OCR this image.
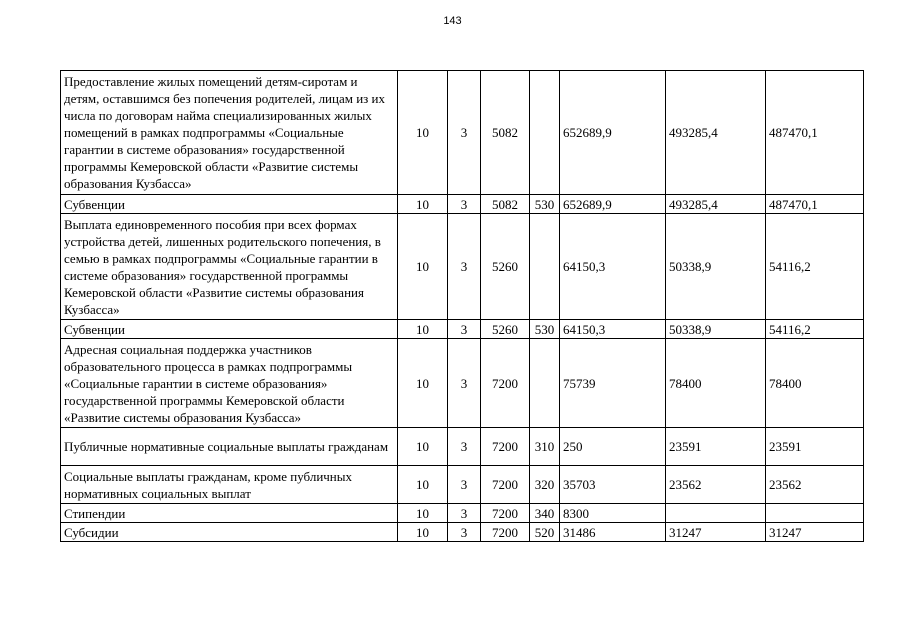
143
Предоставление жилых помещений детям-сиротам и детям, оставшимся без попечения родителей, лицам из их числа по договорам найма специализированных жилых помещений в рамках подпрограммы «Социальные гарантии в системе образования» государственной программы Кемеровской области «Развитие системы образования Кузбасса»	10	3	5082		652689,9	493285,4	487470,1
Субвенции	10	3	5082	530	652689,9	493285,4	487470,1
Выплата единовременного пособия при всех формах устройства детей, лишенных родительского попечения, в семью в рамках подпрограммы «Социальные гарантии в системе образования» государственной программы Кемеровской области «Развитие системы образования Кузбасса»	10	3	5260		64150,3	50338,9	54116,2
Субвенции	10	3	5260	530	64150,3	50338,9	54116,2
Адресная социальная поддержка участников образовательного процесса в рамках подпрограммы «Социальные гарантии в системе образования» государственной программы Кемеровской области «Развитие системы образования Кузбасса»	10	3	7200		75739	78400	78400
Публичные нормативные социальные выплаты гражданам	10	3	7200	310	250	23591	23591
Социальные выплаты гражданам, кроме публичных нормативных социальных выплат	10	3	7200	320	35703	23562	23562
Стипендии	10	3	7200	340	8300		
Субсидии	10	3	7200	520	31486	31247	31247
